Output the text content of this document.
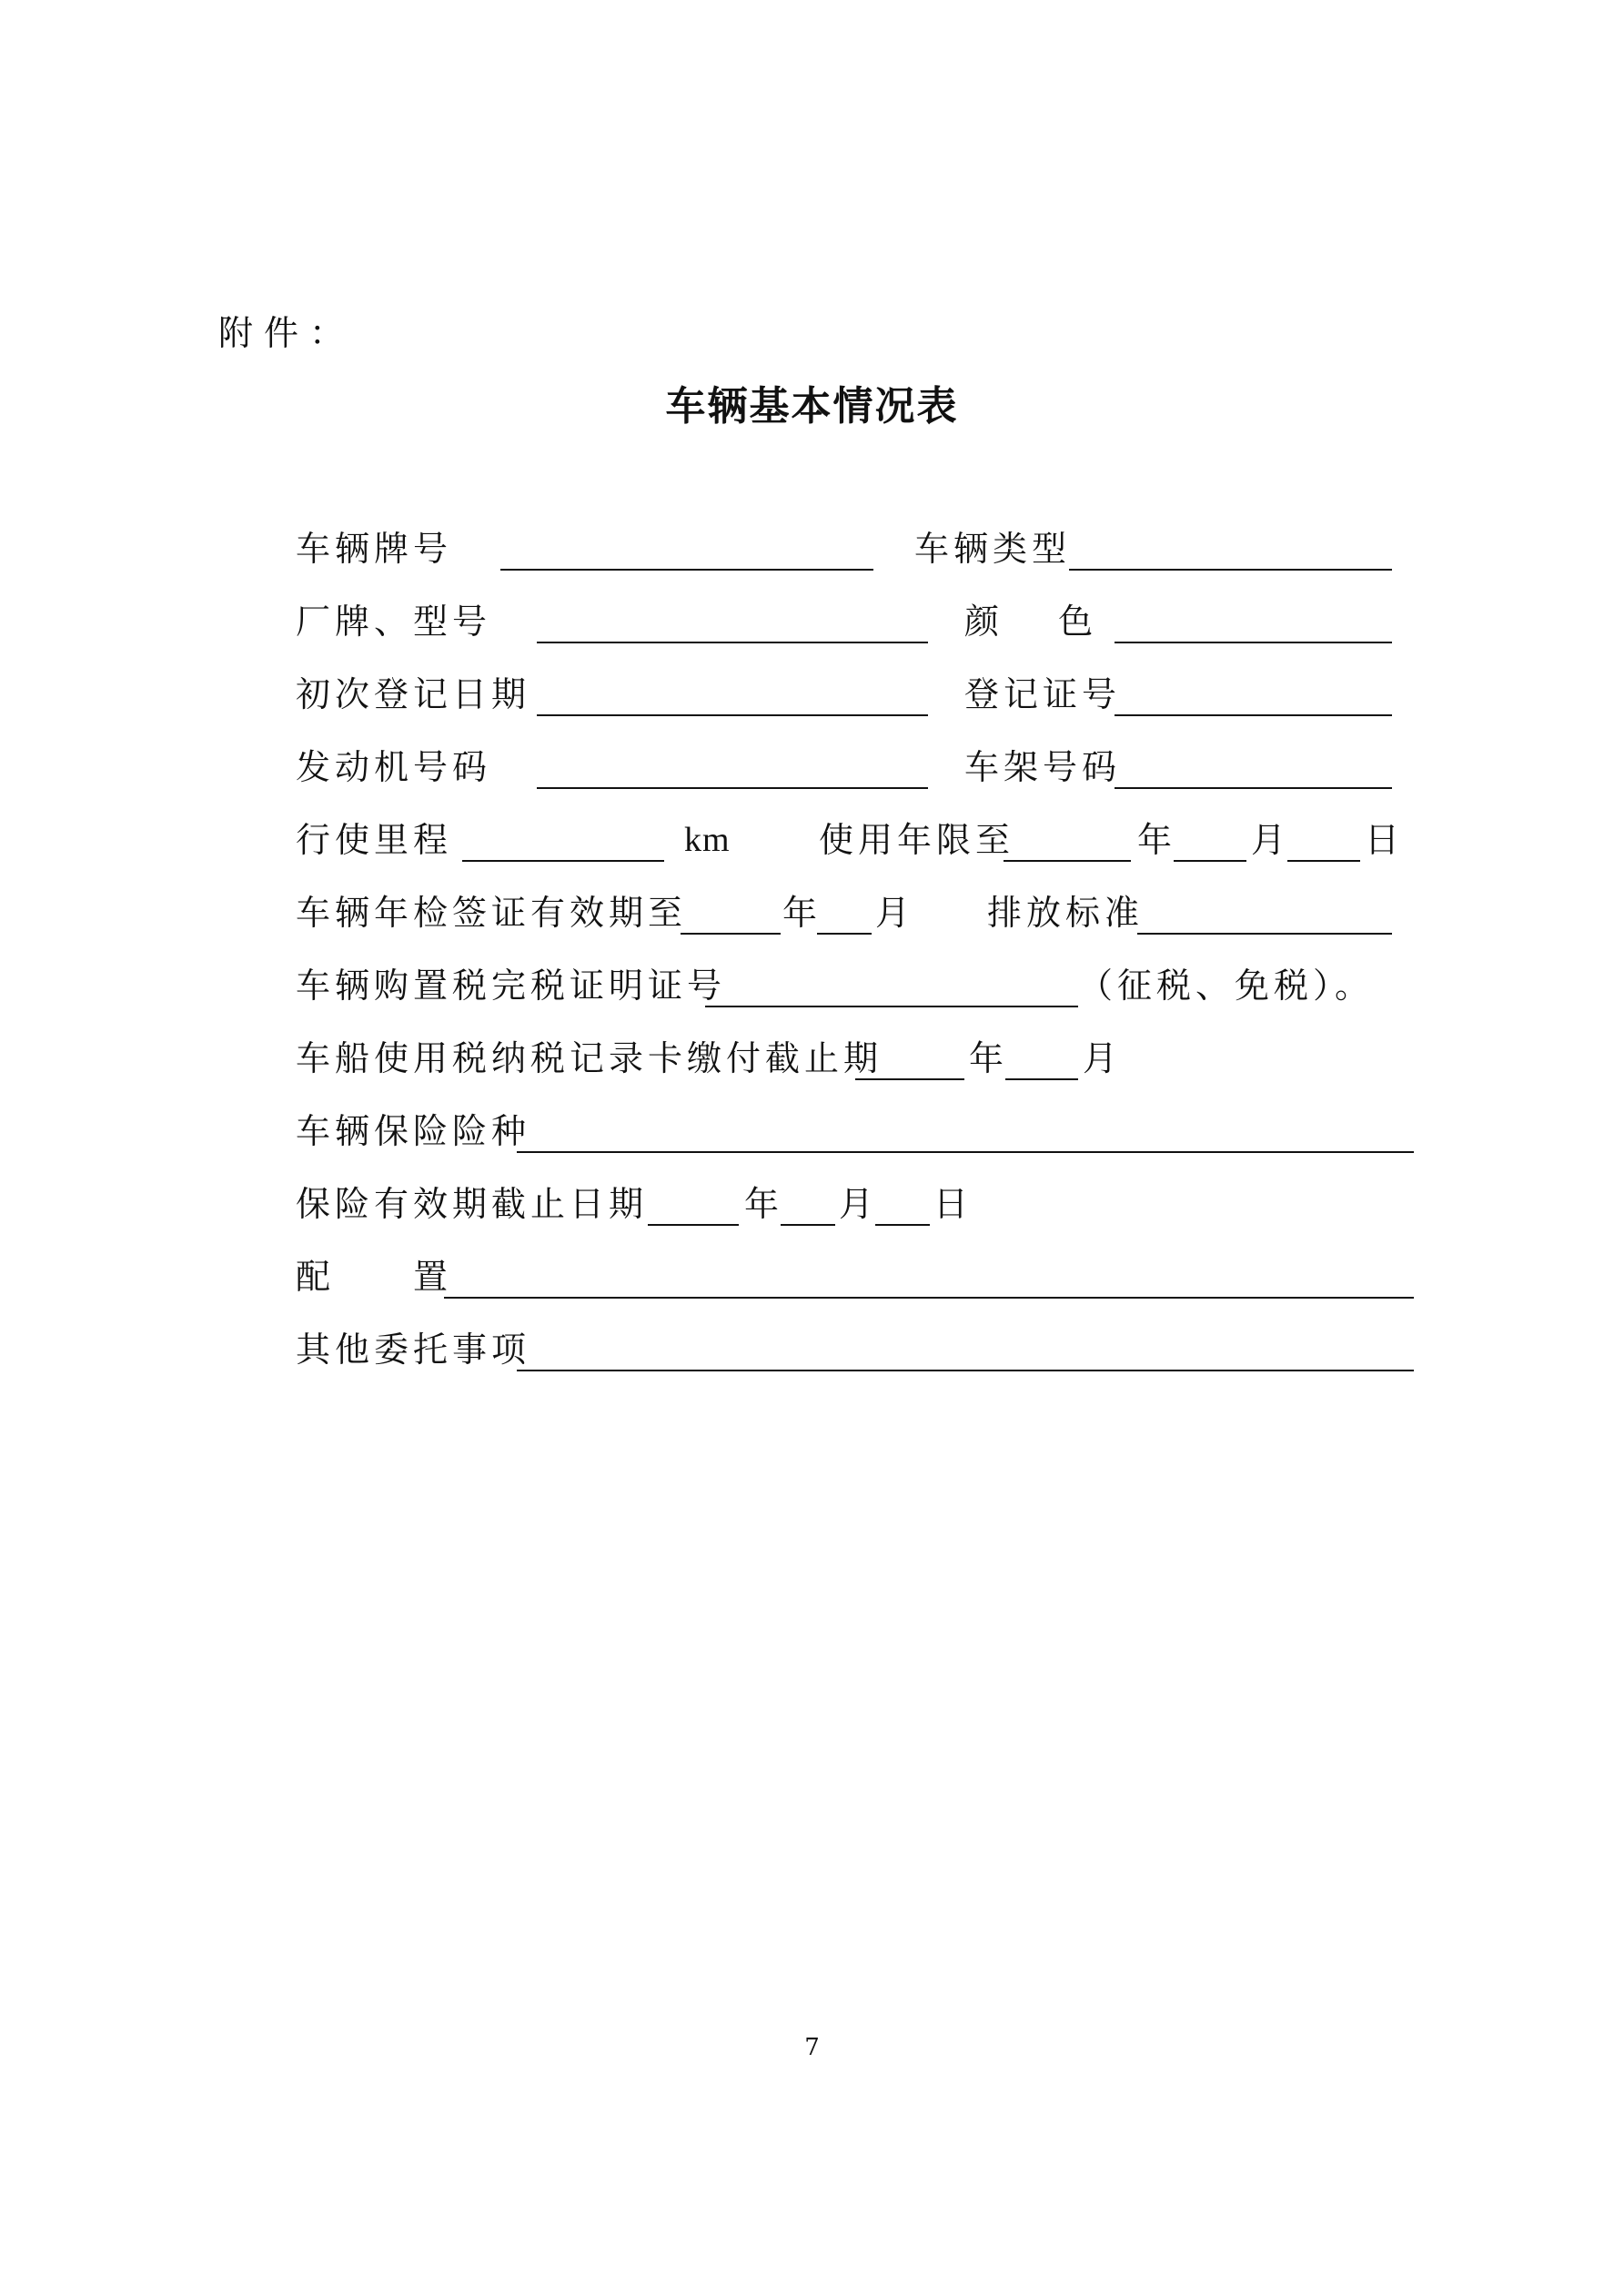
附件：
车辆基本情况表
车辆牌号	车辆类型
厂牌、型号	颜　 色
初次登记日期	登记证号
发动机号码	车架号码
行使里程	km	使用年限至	年 月 日
车辆年检签证有效期至	年 月 排放标准
车辆购置税完税证明证号	（征税、免税）。
车船使用税纳税记录卡缴付截止期 年 月
车辆保险险种
保险有效期截止日期	年 月 日
配　　置
其他委托事项
7
